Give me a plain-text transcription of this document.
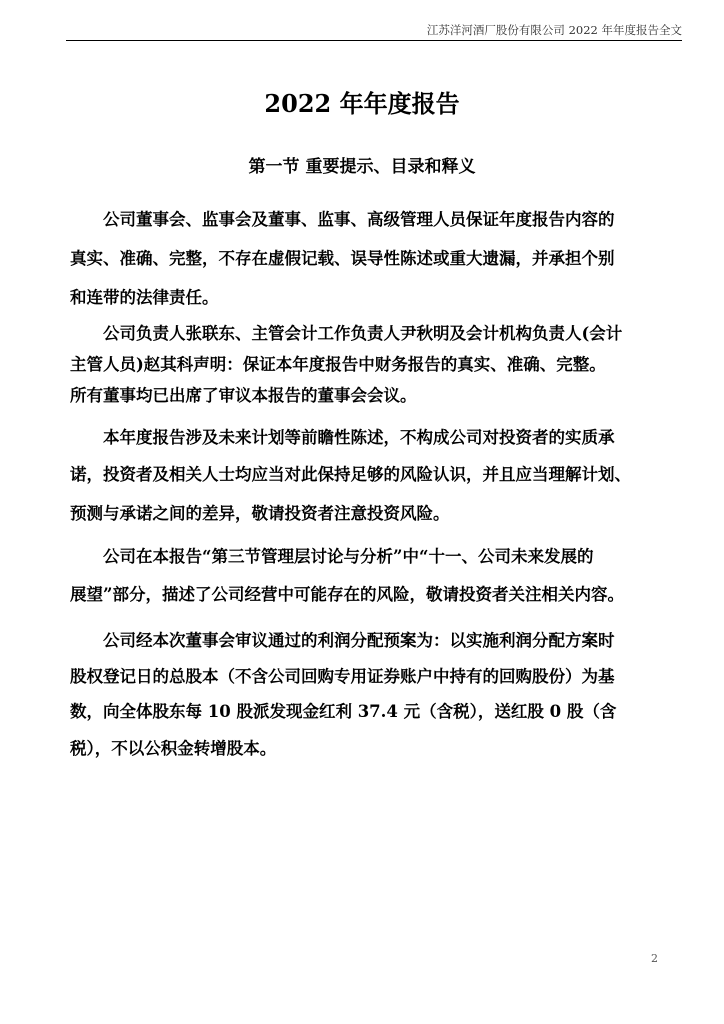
江苏洋河酒厂股份有限公司 2022 年年度报告全文
2022 年年度报告
第一节 重要提示、目录和释义
公司董事会、监事会及董事、监事、高级管理人员保证年度报告内容的
真实、准确、完整，不存在虚假记载、误导性陈述或重大遗漏，并承担个别
和连带的法律责任。
公司负责人张联东、主管会计工作负责人尹秋明及会计机构负责人(会计
主管人员)赵其科声明：保证本年度报告中财务报告的真实、准确、完整。
所有董事均已出席了审议本报告的董事会会议。
本年度报告涉及未来计划等前瞻性陈述，不构成公司对投资者的实质承
诺，投资者及相关人士均应当对此保持足够的风险认识，并且应当理解计划、
预测与承诺之间的差异，敬请投资者注意投资风险。
公司在本报告“第三节管理层讨论与分析”中“十一、公司未来发展的
展望”部分，描述了公司经营中可能存在的风险，敬请投资者关注相关内容。
公司经本次董事会审议通过的利润分配预案为：以实施利润分配方案时
股权登记日的总股本（不含公司回购专用证券账户中持有的回购股份）为基
数，向全体股东每 10 股派发现金红利 37.4 元（含税），送红股 0 股（含
税），不以公积金转增股本。
2
